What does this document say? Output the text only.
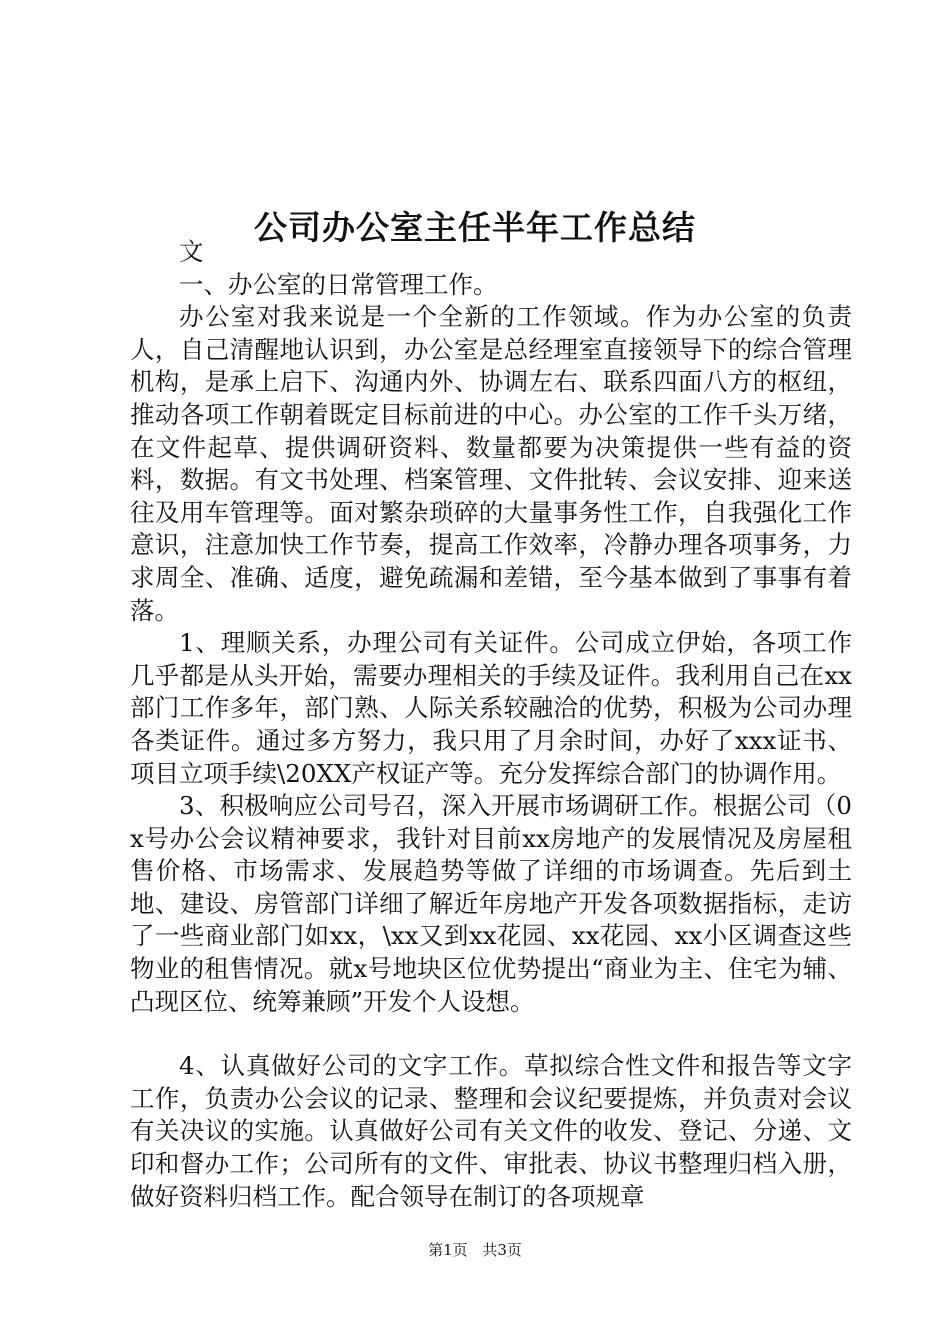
公司办公室主任半年工作总结

文

一、办公室的日常管理工作。

办公室对我来说是一个全新的工作领域。作为办公室的负责人，自己清醒地认识到，办公室是总经理室直接领导下的综合管理机构，是承上启下、沟通内外、协调左右、联系四面八方的枢纽，推动各项工作朝着既定目标前进的中心。办公室的工作千头万绪，在文件起草、提供调研资料、数量都要为决策提供一些有益的资料，数据。有文书处理、档案管理、文件批转、会议安排、迎来送往及用车管理等。面对繁杂琐碎的大量事务性工作，自我强化工作意识，注意加快工作节奏，提高工作效率，冷静办理各项事务，力求周全、准确、适度，避免疏漏和差错，至今基本做到了事事有着落。

1、理顺关系，办理公司有关证件。公司成立伊始，各项工作几乎都是从头开始，需要办理相关的手续及证件。我利用自己在xx部门工作多年，部门熟、人际关系较融洽的优势，积极为公司办理各类证件。通过多方努力，我只用了月余时间，办好了xxx证书、项目立项手续\20XX产权证产等。充分发挥综合部门的协调作用。

3、积极响应公司号召，深入开展市场调研工作。根据公司（0x号办公会议精神要求，我针对目前xx房地产的发展情况及房屋租售价格、市场需求、发展趋势等做了详细的市场调查。先后到土地、建设、房管部门详细了解近年房地产开发各项数据指标，走访了一些商业部门如xx，\xx又到xx花园、xx花园、xx小区调查这些物业的租售情况。就x号地块区位优势提出“商业为主、住宅为辅、凸现区位、统筹兼顾”开发个人设想。

4、认真做好公司的文字工作。草拟综合性文件和报告等文字工作，负责办公会议的记录、整理和会议纪要提炼，并负责对会议有关决议的实施。认真做好公司有关文件的收发、登记、分递、文印和督办工作；公司所有的文件、审批表、协议书整理归档入册，做好资料归档工作。配合领导在制订的各项规章

第1页 共3页
